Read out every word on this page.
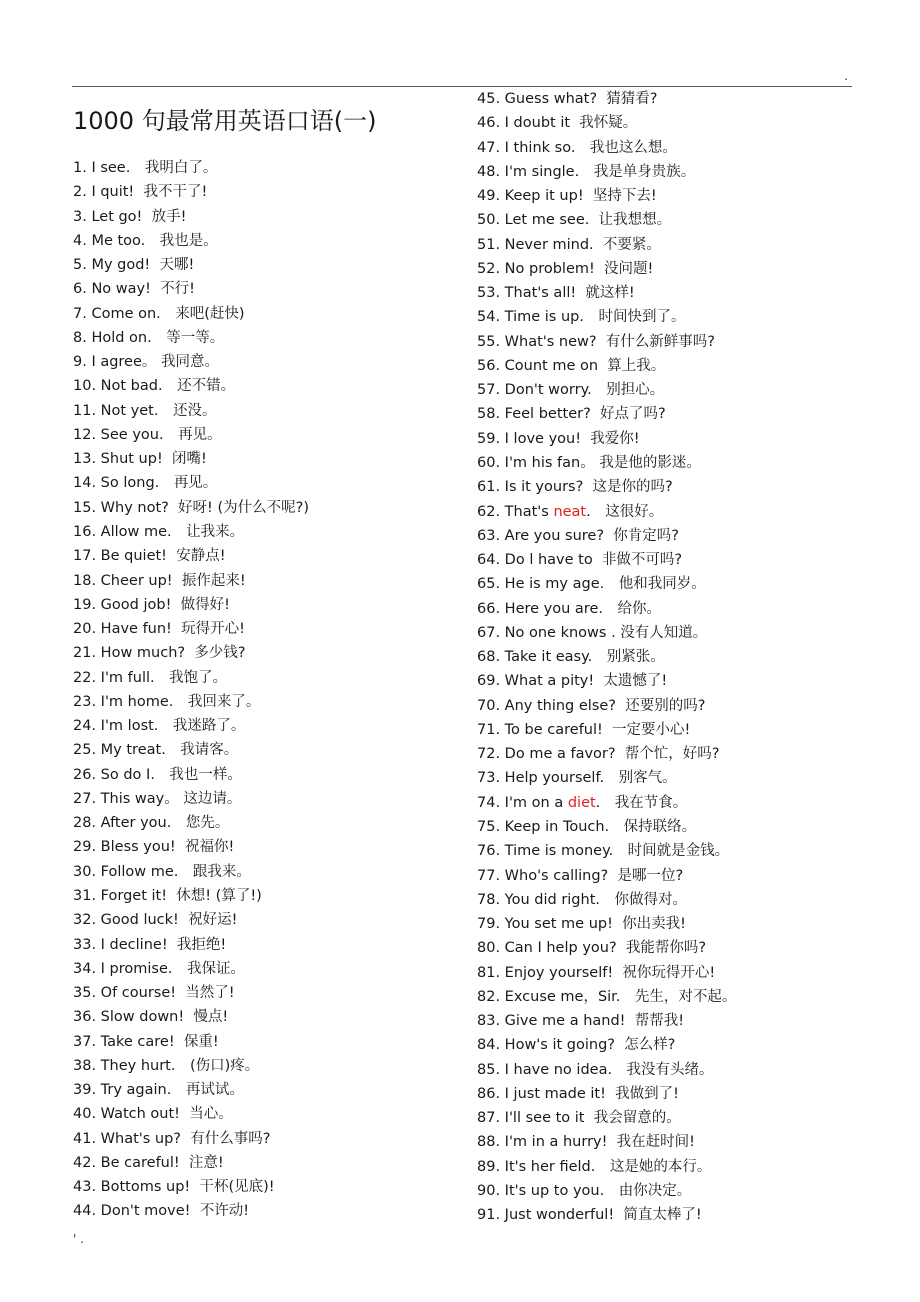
.
1000 句最常用英语口语(一)
1. I see.　我明白了。
2. I quit!  我不干了!
3. Let go!  放手!
4. Me too.　我也是。
5. My god!  天哪!
6. No way!  不行!
7. Come on.　来吧(赶快)
8. Hold on.　等一等。
9. I agree。 我同意。
10. Not bad.　还不错。
11. Not yet.　还没。
12. See you.　再见。
13. Shut up!  闭嘴!
14. So long.　再见。
15. Why not?  好呀! (为什么不呢?)
16. Allow me.　让我来。
17. Be quiet!  安静点!
18. Cheer up!  振作起来!
19. Good job!  做得好!
20. Have fun!  玩得开心!
21. How much?  多少钱?
22. I'm full.　我饱了。
23. I'm home.　我回来了。
24. I'm lost.　我迷路了。
25. My treat.　我请客。
26. So do I.　我也一样。
27. This way。 这边请。
28. After you.　您先。
29. Bless you!  祝福你!
30. Follow me.　跟我来。
31. Forget it!  休想! (算了!)
32. Good luck!  祝好运!
33. I decline!  我拒绝!
34. I promise.　我保证。
35. Of course!  当然了!
36. Slow down!  慢点!
37. Take care!  保重!
38. They hurt.　(伤口)疼。
39. Try again.　再试试。
40. Watch out!  当心。
41. What's up?  有什么事吗?
42. Be careful!  注意!
43. Bottoms up!  干杯(见底)!
44. Don't move!  不许动!
45. Guess what?  猜猜看?
46. I doubt it  我怀疑。
47. I think so.　我也这么想。
48. I'm single.　我是单身贵族。
49. Keep it up!  坚持下去!
50. Let me see.  让我想想。
51. Never mind.  不要紧。
52. No problem!  没问题!
53. That's all!  就这样!
54. Time is up.　时间快到了。
55. What's new?  有什么新鲜事吗?
56. Count me on  算上我。
57. Don't worry.　别担心。
58. Feel better?  好点了吗?
59. I love you!  我爱你!
60. I'm his fan。 我是他的影迷。
61. Is it yours?  这是你的吗?
62. That's neat.　这很好。
63. Are you sure?  你肯定吗?
64. Do l have to  非做不可吗?
65. He is my age.　他和我同岁。
66. Here you are.　给你。
67. No one knows . 没有人知道。
68. Take it easy.　别紧张。
69. What a pity!  太遗憾了!
70. Any thing else?  还要别的吗?
71. To be careful!  一定要小心!
72. Do me a favor?  帮个忙，好吗?
73. Help yourself.　别客气。
74. I'm on a diet.　我在节食。
75. Keep in Touch.　保持联络。
76. Time is money.　时间就是金钱。
77. Who's calling?  是哪一位?
78. You did right.　你做得对。
79. You set me up!  你出卖我!
80. Can I help you?  我能帮你吗?
81. Enjoy yourself!  祝你玩得开心!
82. Excuse me，Sir.　先生，对不起。
83. Give me a hand!  帮帮我!
84. How's it going?  怎么样?
85. I have no idea.　我没有头绪。
86. I just made it!  我做到了!
87. I'll see to it  我会留意的。
88. I'm in a hurry!  我在赶时间!
89. It's her field.　这是她的本行。
90. It's up to you.　由你决定。
91. Just wonderful!  简直太棒了!
' .
